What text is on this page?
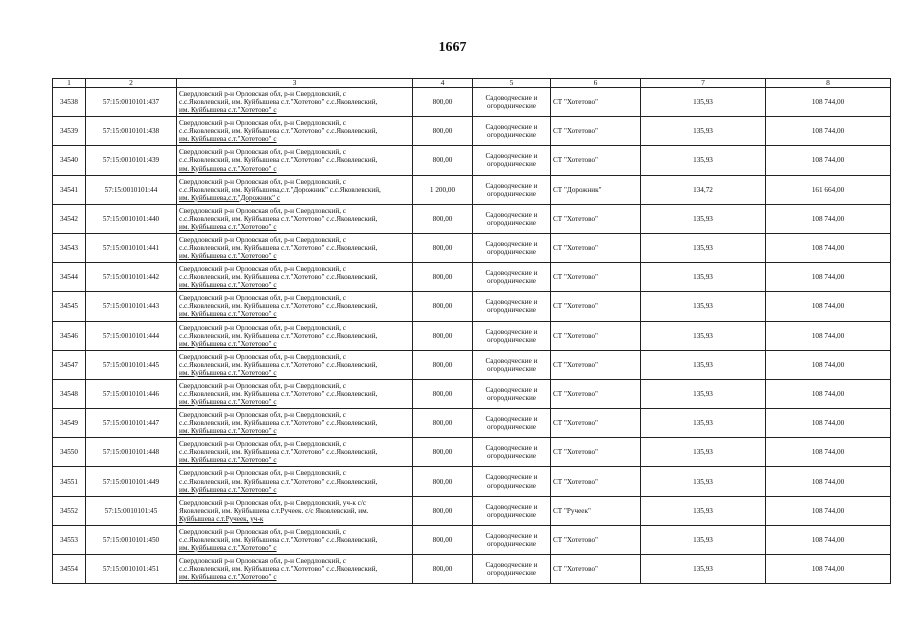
1667
1	2	3	4	5	6	7	8
34538	57:15:0010101:437	Свердловский р-н Орловская обл, р-н Свердловский, с
с.с.Яковлевский, им. Куйбышева с.т."Хотетово" с.с.Яковлевский,
им. Куйбышева с.т."Хотетово" с	800,00	Садоводческие и
огороднические	СТ "Хотетово"	135,93	108 744,00
34539	57:15:0010101:438	Свердловский р-н Орловская обл, р-н Свердловский, с
с.с.Яковлевский, им. Куйбышева с.т."Хотетово" с.с.Яковлевский,
им. Куйбышева с.т."Хотетово" с	800,00	Садоводческие и
огороднические	СТ "Хотетово"	135,93	108 744,00
34540	57:15:0010101:439	Свердловский р-н Орловская обл, р-н Свердловский, с
с.с.Яковлевский, им. Куйбышева с.т."Хотетово" с.с.Яковлевский,
им. Куйбышева с.т."Хотетово" с	800,00	Садоводческие и
огороднические	СТ "Хотетово"	135,93	108 744,00
34541	57:15:0010101:44	Свердловский р-н Орловская обл, р-н Свердловский, с
с.с.Яковлевский, им. Куйбышева,с.т."Дорожник" с.с.Яковлевский,
им. Куйбышева,с.т."Дорожник" с	1 200,00	Садоводческие и
огороднические	СТ "Дорожник"	134,72	161 664,00
34542	57:15:0010101:440	Свердловский р-н Орловская обл, р-н Свердловский, с
с.с.Яковлевский, им. Куйбышева с.т."Хотетово" с.с.Яковлевский,
им. Куйбышева с.т."Хотетово" с	800,00	Садоводческие и
огороднические	СТ "Хотетово"	135,93	108 744,00
34543	57:15:0010101:441	Свердловский р-н Орловская обл, р-н Свердловский, с
с.с.Яковлевский, им. Куйбышева с.т."Хотетово" с.с.Яковлевский,
им. Куйбышева с.т."Хотетово" с	800,00	Садоводческие и
огороднические	СТ "Хотетово"	135,93	108 744,00
34544	57:15:0010101:442	Свердловский р-н Орловская обл, р-н Свердловский, с
с.с.Яковлевский, им. Куйбышева с.т."Хотетово" с.с.Яковлевский,
им. Куйбышева с.т."Хотетово" с	800,00	Садоводческие и
огороднические	СТ "Хотетово"	135,93	108 744,00
34545	57:15:0010101:443	Свердловский р-н Орловская обл, р-н Свердловский, с
с.с.Яковлевский, им. Куйбышева с.т."Хотетово" с.с.Яковлевский,
им. Куйбышева с.т."Хотетово" с	800,00	Садоводческие и
огороднические	СТ "Хотетово"	135,93	108 744,00
34546	57:15:0010101:444	Свердловский р-н Орловская обл, р-н Свердловский, с
с.с.Яковлевский, им. Куйбышева с.т."Хотетово" с.с.Яковлевский,
им. Куйбышева с.т."Хотетово" с	800,00	Садоводческие и
огороднические	СТ "Хотетово"	135,93	108 744,00
34547	57:15:0010101:445	Свердловский р-н Орловская обл, р-н Свердловский, с
с.с.Яковлевский, им. Куйбышева с.т."Хотетово" с.с.Яковлевский,
им. Куйбышева с.т."Хотетово" с	800,00	Садоводческие и
огороднические	СТ "Хотетово"	135,93	108 744,00
34548	57:15:0010101:446	Свердловский р-н Орловская обл, р-н Свердловский, с
с.с.Яковлевский, им. Куйбышева с.т."Хотетово" с.с.Яковлевский,
им. Куйбышева с.т."Хотетово" с	800,00	Садоводческие и
огороднические	СТ "Хотетово"	135,93	108 744,00
34549	57:15:0010101:447	Свердловский р-н Орловская обл, р-н Свердловский, с
с.с.Яковлевский, им. Куйбышева с.т."Хотетово" с.с.Яковлевский,
им. Куйбышева с.т."Хотетово" с	800,00	Садоводческие и
огороднические	СТ "Хотетово"	135,93	108 744,00
34550	57:15:0010101:448	Свердловский р-н Орловская обл, р-н Свердловский, с
с.с.Яковлевский, им. Куйбышева с.т."Хотетово" с.с.Яковлевский,
им. Куйбышева с.т."Хотетово" с	800,00	Садоводческие и
огороднические	СТ "Хотетово"	135,93	108 744,00
34551	57:15:0010101:449	Свердловский р-н Орловская обл, р-н Свердловский, с
с.с.Яковлевский, им. Куйбышева с.т."Хотетово" с.с.Яковлевский,
им. Куйбышева с.т."Хотетово" с	800,00	Садоводческие и
огороднические	СТ "Хотетово"	135,93	108 744,00
34552	57:15:0010101:45	Свердловский р-н Орловская обл, р-н Свердловский, уч-к с/с
Яковлевский, им. Куйбышева с.т.Ручеек. с/с Яковлевский, им.
Куйбышева с.т.Ручеек, уч-к	800,00	Садоводческие и
огороднические	СТ "Ручеек"	135,93	108 744,00
34553	57:15:0010101:450	Свердловский р-н Орловская обл, р-н Свердловский, с
с.с.Яковлевский, им. Куйбышева с.т."Хотетово" с.с.Яковлевский,
им. Куйбышева с.т."Хотетово" с	800,00	Садоводческие и
огороднические	СТ "Хотетово"	135,93	108 744,00
34554	57:15:0010101:451	Свердловский р-н Орловская обл, р-н Свердловский, с
с.с.Яковлевский, им. Куйбышева с.т."Хотетово" с.с.Яковлевский,
им. Куйбышева с.т."Хотетово" с	800,00	Садоводческие и
огороднические	СТ "Хотетово"	135,93	108 744,00
